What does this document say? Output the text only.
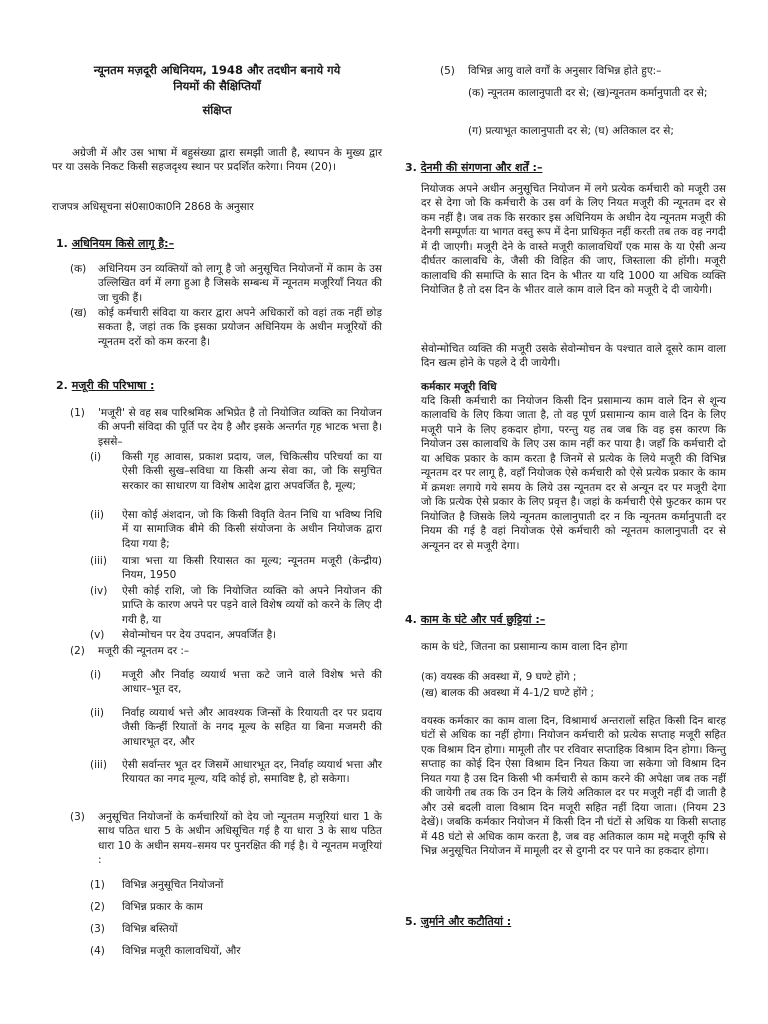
न्यूनतम मज़दूरी अधिनियम, 1948 और तदधीन बनाये गये
नियमों की सैक्षिप्तियाँ
संक्षिप्त

अग्रेजी में और उस भाषा में बहुसंख्या द्वारा समझी जाती है, स्थापन के मुख्य द्वार पर या उसके निकट किसी सहजदृश्य स्थान पर प्रदर्शित करेगा। नियम (20)।

राजपत्र अधिसूचना सं0सा0का0नि 2868 के अनुसार

1. अधिनियम किसे लागू है:–
(क)	अधिनियम उन व्यक्तियों को लागू है जो अनुसूचित नियोजनों में काम के उस उल्लिखित वर्ग में लगा हुआ है जिसके सम्बन्ध में न्यूनतम मजूरियाँ नियत की जा चुकी हैं।
(ख)	कोई कर्मचारी संविदा या करार द्वारा अपने अधिकारों को वहां तक नहीं छोड़ सकता है, जहां तक कि इसका प्रयोजन अधिनियम के अधीन मजूरियों की न्यूनतम दरों को कम करना है।
2. मजूरी की परिभाषा :
(1)	'मजूरी' से वह सब पारिश्रमिक अभिप्रेत है तो नियोजित व्यक्ति का नियोजन की अपनी संविदा की पूर्ति पर देय है और इसके अन्तर्गत गृह भाटक भत्ता है। इससे–
(i)	किसी गृह आवास, प्रकाश प्रदाय, जल, चिकित्सीय परिचर्या का या ऐसी किसी सुख–सविधा या किसी अन्य सेवा का, जो कि समुचित सरकार का साधारण या विशेष आदेश द्वारा अपवर्जित है, मूल्य;
(ii)	ऐसा कोई अंशदान, जो कि किसी विवृति वेतन निधि या भविष्य निधि में या सामाजिक बीमे की किसी संयोजना के अधीन नियोजक द्वारा दिया गया है;
(iii)	यात्रा भत्ता या किसी रियासत का मूल्य; न्यूनतम मजूरी (केन्द्रीय) नियम, 1950
(iv)	ऐसी कोई राशि, जो कि नियोजित व्यक्ति को अपने नियोजन की प्राप्ति के कारण अपने पर पड़ने वाले विशेष व्ययों को करने के लिए दी गयी है, या
(v)	सेवोन्मोचन पर देय उपदान, अपवर्जित है।
(2)	मजूरी की न्यूनतम दर :–
(i)	मजूरी और निर्वाह व्ययार्थ भत्ता कटे जाने वाले विशेष भत्ते की आधार–भूत दर,
(ii)	निर्वाह व्ययार्थ भत्ते और आवश्यक जिन्सों के रियायती दर पर प्रदाय जैसी किन्हीं रियातों के नगद मूल्य के सहित या बिना मजमरी की आधारभूत दर, और
(iii)	ऐसी सर्वान्तर भूत दर जिसमें आधारभूत दर, निर्वाह व्ययार्थ भत्ता और रियायत का नगद मूल्य, यदि कोई हो, समाविष्ट है, हो सकेगा।
(3)	अनुसूचित नियोजनों के कर्मचारियों को देय जो न्यूनतम मजूरियां धारा 1 के साथ पठित धारा 5 के अधीन अधिसूचित गई है या धारा 3 के साथ पठित धारा 10 के अधीन समय–समय पर पुनरक्षित की गई है। ये न्यूनतम मजूरियां :
(1)	विभिन्न अनुसूचित नियोजनों
(2)	विभिन्न प्रकार के काम
(3)	विभिन्न बस्तियों
(4)	विभिन्न मजूरी कालावधियों, और
(5)	विभिन्न आयु वाले वर्गों के अनुसार विभिन्न होते हुए:–

(क) न्यूनतम कालानुपाती दर से; (ख)न्यूनतम कर्मानुपाती दर से;

(ग) प्रत्याभूत कालानुपाती दर से; (घ) अतिकाल दर से;

3. देनमी की संगणना और शर्तें :–

नियोजक अपने अधीन अनुसूचित नियोजन में लगे प्रत्येक कर्मचारी को मजूरी उस दर से देगा जो कि कर्मचारी के उस वर्ग के लिए नियत मजूरी की न्यूनतम दर से कम नहीं है। जब तक कि सरकार इस अधिनियम के अधीन देय न्यूनतम मजूरी की देनगी सम्पूर्णतः या भागत वस्तु रूप में देना प्राधिकृत नहीं करती तब तक वह नगदी में दी जाएगी। मजूरी देने के वास्ते मजूरी कालावधियाँ एक मास के या ऐसी अन्य दीर्घतर कालावधि के, जैसी की विहित की जाए, जिस्ताला की होंगी। मजूरी कालावधि की समाप्ति के सात दिन के भीतर या यदि 1000 या अधिक व्यक्ति नियोजित है तो दस दिन के भीतर वाले काम वाले दिन को मजूरी दे दी जायेगी।

सेवोन्मोचित व्यक्ति की मजूरी उसके सेवोन्मोचन के पश्चात वाले दूसरे काम वाला दिन खत्म होने के पहले दे दी जायेगी।

कर्मकार मजूरी विधि

यदि किसी कर्मचारी का नियोजन किसी दिन प्रसामान्य काम वाले दिन से शून्य कालावधि के लिए किया जाता है, तो वह पूर्ण प्रसामान्य काम वाले दिन के लिए मजूरी पाने के लिए हकदार होगा, परन्तु यह तब जब कि वह इस कारण कि नियोजन उस कालावधि के लिए उस काम नहीं कर पाया है। जहाँ कि कर्मचारी दो या अधिक प्रकार के काम करता है जिनमें से प्रत्येक के लिये मजूरी की विभिन्न न्यूनतम दर पर लागू है, वहाँ नियोजक ऐसे कर्मचारी को ऐसे प्रत्येक प्रकार के काम में क्रमशः लगाये गये समय के लिये उस न्यूनतम दर से अन्यून दर पर मजूरी देगा जो कि प्रत्येक ऐसे प्रकार के लिए प्रवृत्त है। जहां के कर्मचारी ऐसे फुटकर काम पर नियोजित है जिसके लिये न्यूनतम कालानुपाती दर न कि न्यूनतम कर्मानुपाती दर नियम की गई है वहां नियोजक ऐसे कर्मचारी को न्यूनतम कालानुपाती दर से अन्यूनन दर से मजूरी देगा।

4. काम के घंटे और पर्व छुट्टियां :–

काम के घंटे, जितना का प्रसामान्य काम वाला दिन होगा

(क) वयस्क की अवस्था में, 9 घण्टे होंगे ;

(ख) बालक की अवस्था में 4-1/2 घण्टे होंगे ;

वयस्क कर्मकार का काम वाला दिन, विश्रामार्थ अन्तरालों सहित किसी दिन बारह घंटों से अधिक का नहीं होगा। नियोजन कर्मचारी को प्रत्येक सप्ताह मजूरी सहित एक विश्राम दिन होगा। मामूली तौर पर रविवार सप्ताहिक विश्राम दिन होगा। किन्तु सप्ताह का कोई दिन ऐसा विश्राम दिन नियत किया जा सकेगा जो विश्राम दिन नियत गया है उस दिन किसी भी कर्मचारी से काम करने की अपेक्षा जब तक नहीं की जायेगी तब तक कि उन दिन के लिये अतिकाल दर पर मजूरी नहीं दी जाती है और उसे बदली वाला विश्राम दिन मजूरी सहित नहीं दिया जाता। (नियम 23 देखें)। जबकि कर्मकार नियोजन में किसी दिन नौ घंटों से अधिक या किसी सप्ताह में 48 घंटो से अधिक काम करता है, जब वह अतिकाल काम मद्दे मजूरी कृषि से भिन्न अनुसूचित नियोजन में मामूली दर से दुगनी दर पर पाने का हकदार होगा।

5. जुर्माने और कटौतियां :
